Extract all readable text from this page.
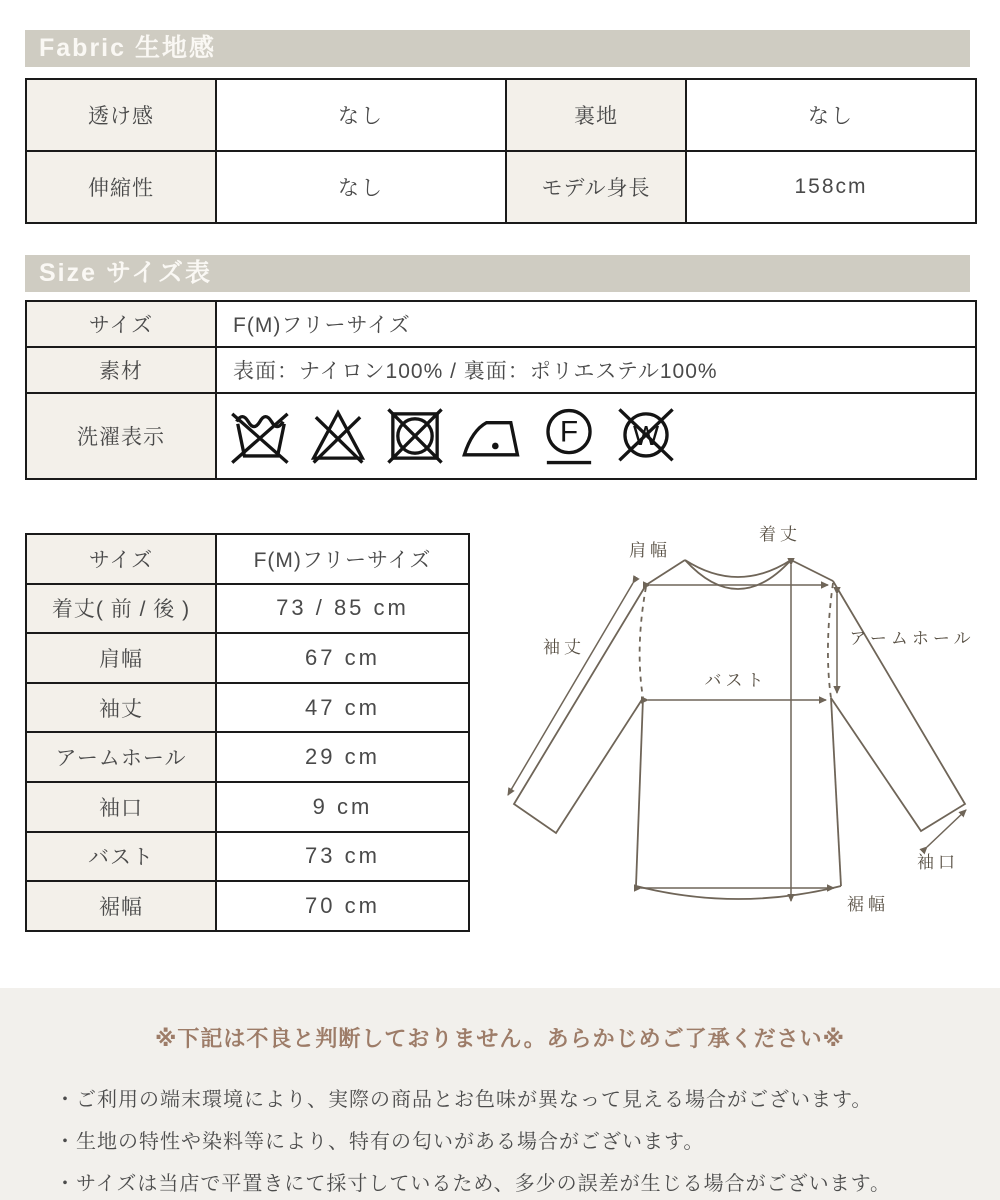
Fabric 生地感
透け感	なし	裏地	なし
伸縮性	なし	モデル身長	158cm
Size サイズ表
サイズ	F(M)フリーサイズ
素材	表面：ナイロン100% / 裏面：ポリエステル100%
洗濯表示	F W
サイズ	F(M)フリーサイズ
着丈( 前 / 後 )	73 / 85 cm
肩幅	67 cm
袖丈	47 cm
アームホール	29 cm
袖口	9 cm
バスト	73 cm
裾幅	70 cm
着丈
肩幅
袖丈	アームホール
バスト
袖口
裾幅

※下記は不良と判断しておりません。あらかじめご了承ください※

・ご利用の端末環境により、実際の商品とお色味が異なって見える場合がございます。
・生地の特性や染料等により、特有の匂いがある場合がございます。
・サイズは当店で平置きにて採寸しているため、多少の誤差が生じる場合がございます。
